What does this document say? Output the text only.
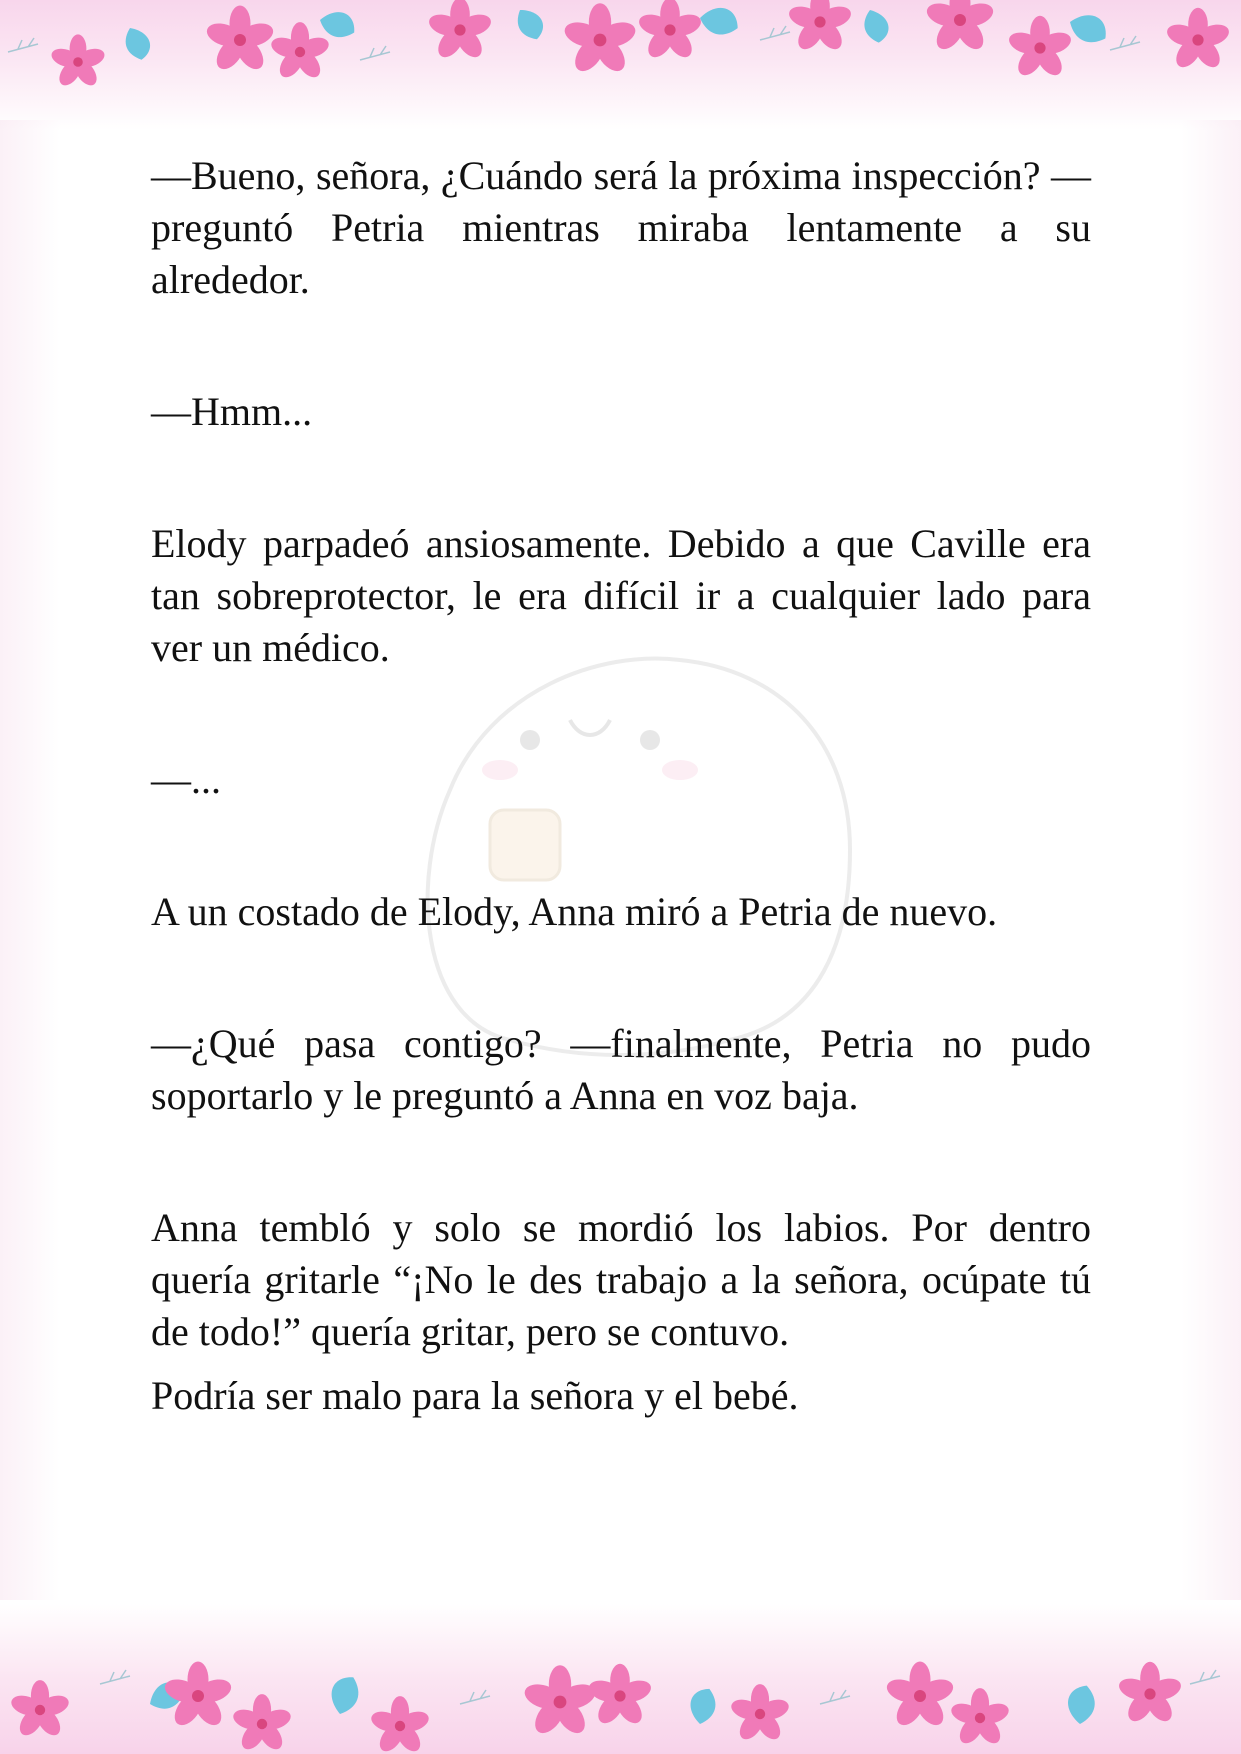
—Bueno, señora, ¿Cuándo será la próxima inspección? —preguntó Petria mientras miraba lentamente a su alrededor.

—Hmm...

Elody parpadeó ansiosamente. Debido a que Caville era tan sobreprotector, le era difícil ir a cualquier lado para ver un médico.

—...

A un costado de Elody, Anna miró a Petria de nuevo.

—¿Qué pasa contigo? —finalmente, Petria no pudo soportarlo y le preguntó a Anna en voz baja.

Anna tembló y solo se mordió los labios. Por dentro quería gritarle “¡No le des trabajo a la señora, ocúpate tú de todo!” quería gritar, pero se contuvo.

Podría ser malo para la señora y el bebé.
